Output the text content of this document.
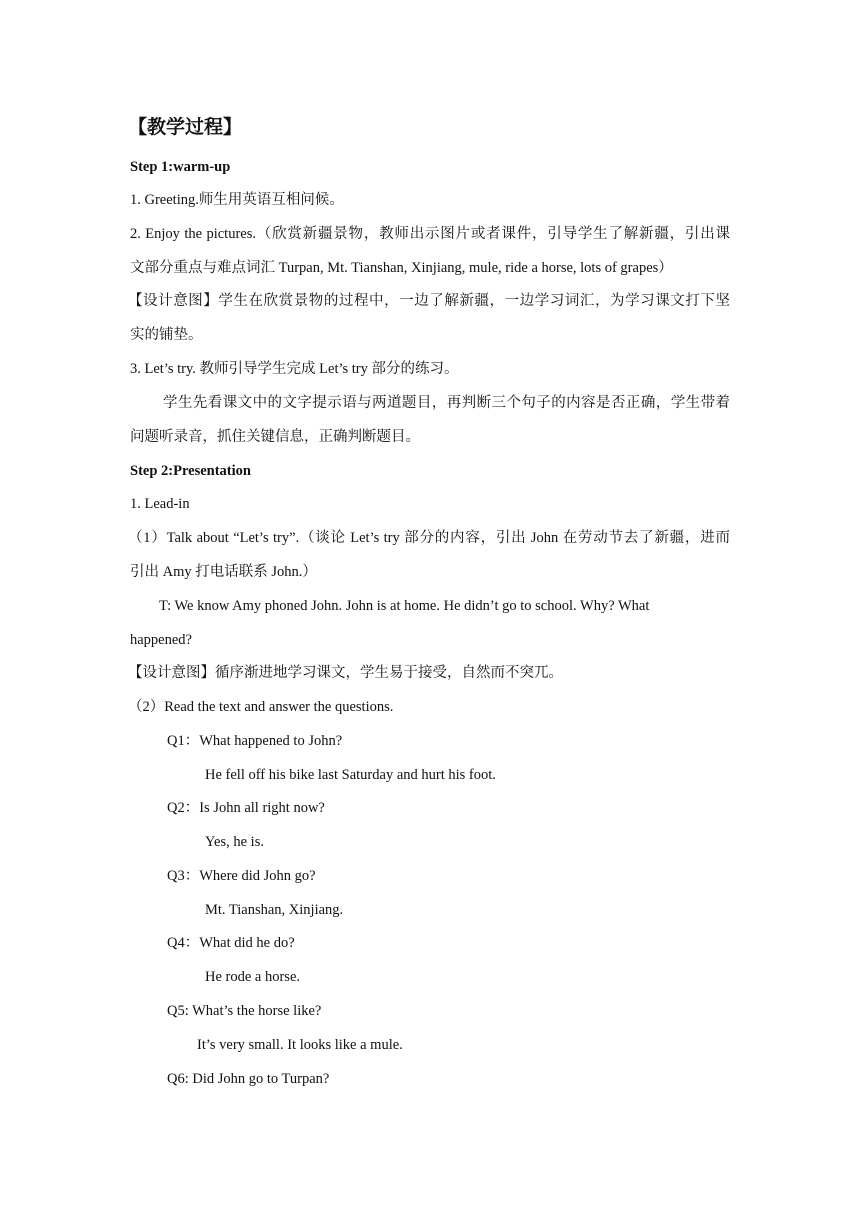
【教学过程】
Step 1:warm-up
1. Greeting.师生用英语互相问候。
2. Enjoy the pictures.（欣赏新疆景物，教师出示图片或者课件，引导学生了解新疆，引出课
文部分重点与难点词汇 Turpan, Mt. Tianshan, Xinjiang, mule, ride a horse, lots of grapes）
【设计意图】学生在欣赏景物的过程中，一边了解新疆，一边学习词汇，为学习课文打下坚
实的铺垫。
3. Let’s try. 教师引导学生完成 Let’s try 部分的练习。
学生先看课文中的文字提示语与两道题目，再判断三个句子的内容是否正确，学生带着
问题听录音，抓住关键信息，正确判断题目。
Step 2:Presentation
1. Lead-in
（1）Talk about “Let’s try”.（谈论 Let’s try 部分的内容，引出 John 在劳动节去了新疆，进而
引出 Amy 打电话联系 John.）
T: We know Amy phoned John. John is at home. He didn’t go to school. Why? What
happened?
【设计意图】循序渐进地学习课文，学生易于接受，自然而不突兀。
（2）Read the text and answer the questions.
Q1：What happened to John?
He fell off his bike last Saturday and hurt his foot.
Q2：Is John all right now?
Yes, he is.
Q3：Where did John go?
Mt. Tianshan, Xinjiang.
Q4：What did he do?
He rode a horse.
Q5: What’s the horse like?
It’s very small. It looks like a mule.
Q6: Did John go to Turpan?
